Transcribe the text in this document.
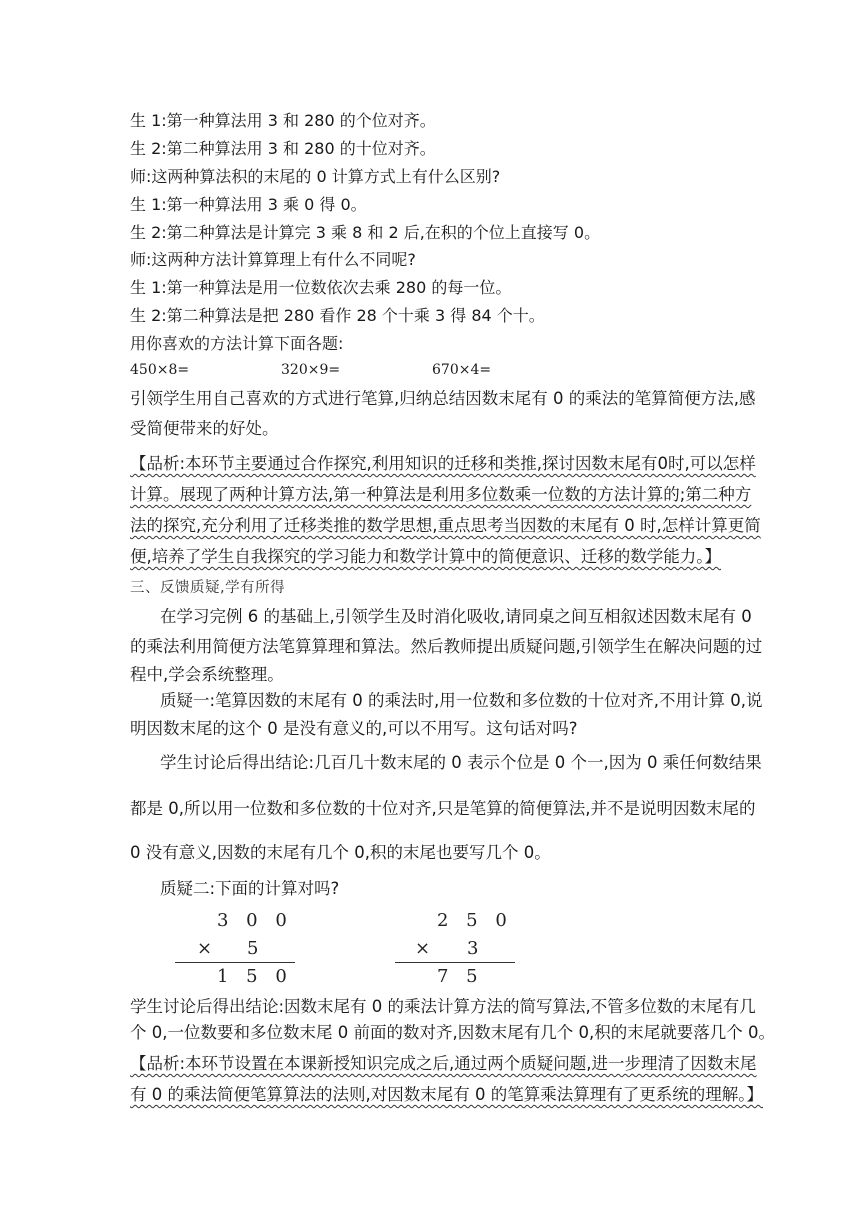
生 1:第一种算法用 3 和 280 的个位对齐。
生 2:第二种算法用 3 和 280 的十位对齐。
师:这两种算法积的末尾的 0 计算方式上有什么区别?
生 1:第一种算法用 3 乘 0 得 0。
生 2:第二种算法是计算完 3 乘 8 和 2 后,在积的个位上直接写 0。
师:这两种方法计算算理上有什么不同呢?
生 1:第一种算法是用一位数依次去乘 280 的每一位。
生 2:第二种算法是把 280 看作 28 个十乘 3 得 84 个十。
用你喜欢的方法计算下面各题:
450×8=	320×9=	670×4=
引领学生用自己喜欢的方式进行笔算,归纳总结因数末尾有 0 的乘法的笔算简便方法,感
受简便带来的好处。
【品析:本环节主要通过合作探究,利用知识的迁移和类推,探讨因数末尾有0时,可以怎样
计算。展现了两种计算方法,第一种算法是利用多位数乘一位数的方法计算的;第二种方
法的探究,充分利用了迁移类推的数学思想,重点思考当因数的末尾有 0 时,怎样计算更简
便,培养了学生自我探究的学习能力和数学计算中的简便意识、迁移的数学能力。】
三、反馈质疑,学有所得
在学习完例 6 的基础上,引领学生及时消化吸收,请同桌之间互相叙述因数末尾有 0
的乘法利用简便方法笔算算理和算法。然后教师提出质疑问题,引领学生在解决问题的过
程中,学会系统整理。
质疑一:笔算因数的末尾有 0 的乘法时,用一位数和多位数的十位对齐,不用计算 0,说
明因数末尾的这个 0 是没有意义的,可以不用写。这句话对吗?
学生讨论后得出结论:几百几十数末尾的 0 表示个位是 0 个一,因为 0 乘任何数结果
都是 0,所以用一位数和多位数的十位对齐,只是笔算的简便算法,并不是说明因数末尾的
0 没有意义,因数的末尾有几个 0,积的末尾也要写几个 0。
质疑二:下面的计算对吗?
3 0 0
× 5
1 5 0
2 5 0
× 3
7 5
学生讨论后得出结论:因数末尾有 0 的乘法计算方法的简写算法,不管多位数的末尾有几
个 0,一位数要和多位数末尾 0 前面的数对齐,因数末尾有几个 0,积的末尾就要落几个 0。
【品析:本环节设置在本课新授知识完成之后,通过两个质疑问题,进一步理清了因数末尾
有 0 的乘法简便笔算算法的法则,对因数末尾有 0 的笔算乘法算理有了更系统的理解。】
